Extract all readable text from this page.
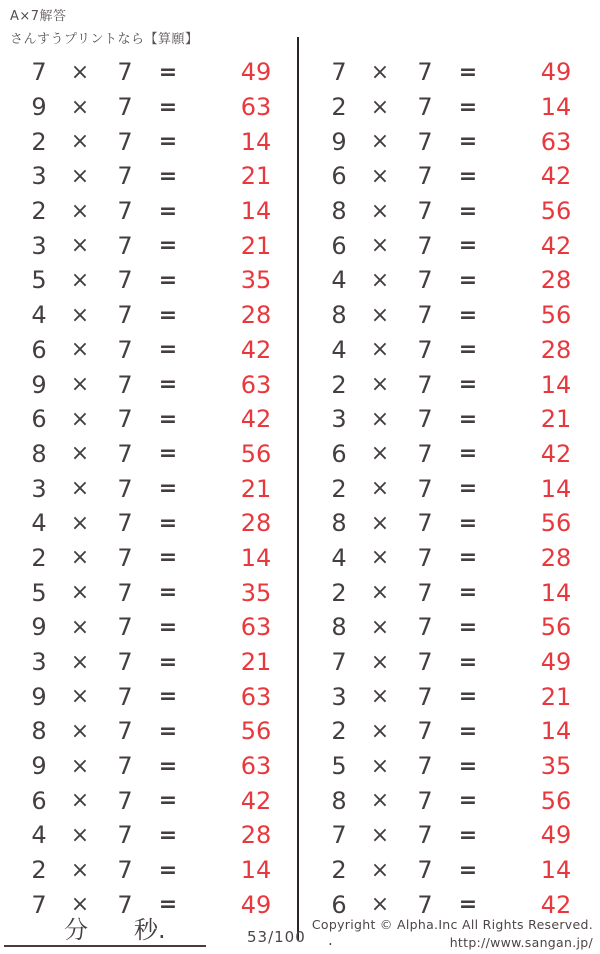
A×7解答
さんすうプリントなら【算願】
7	×	7	=	49
9	×	7	=	63
2	×	7	=	14
3	×	7	=	21
2	×	7	=	14
3	×	7	=	21
5	×	7	=	35
4	×	7	=	28
6	×	7	=	42
9	×	7	=	63
6	×	7	=	42
8	×	7	=	56
3	×	7	=	21
4	×	7	=	28
2	×	7	=	14
5	×	7	=	35
9	×	7	=	63
3	×	7	=	21
9	×	7	=	63
8	×	7	=	56
9	×	7	=	63
6	×	7	=	42
4	×	7	=	28
2	×	7	=	14
7	×	7	=	49
7	×	7	=	49
2	×	7	=	14
9	×	7	=	63
6	×	7	=	42
8	×	7	=	56
6	×	7	=	42
4	×	7	=	28
8	×	7	=	56
4	×	7	=	28
2	×	7	=	14
3	×	7	=	21
6	×	7	=	42
2	×	7	=	14
8	×	7	=	56
4	×	7	=	28
2	×	7	=	14
8	×	7	=	56
7	×	7	=	49
3	×	7	=	21
2	×	7	=	14
5	×	7	=	35
8	×	7	=	56
7	×	7	=	49
2	×	7	=	14
6	×	7	=	42
分 秒.	53/100 .
Copyright © Alpha.Inc All Rights Reserved.
http://www.sangan.jp/
